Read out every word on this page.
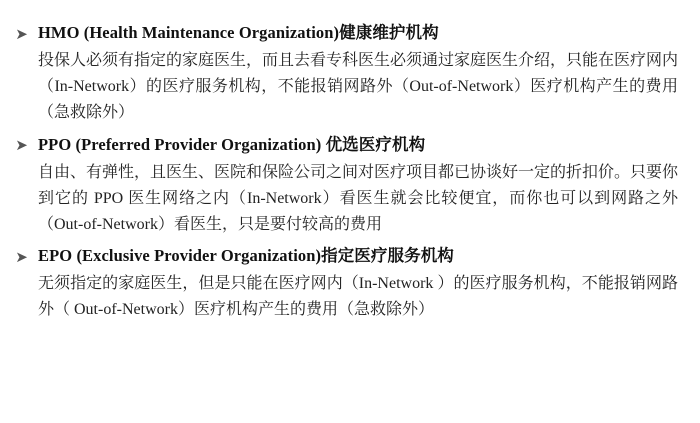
➤ HMO (Health Maintenance Organization)健康维护机构
投保人必须有指定的家庭医生，而且去看专科医生必须通过家庭医生介绍，只能在医疗网内（In-Network）的医疗服务机构，不能报销网路外（Out-of-Network）医疗机构产生的费用（急救除外）
➤ PPO (Preferred Provider Organization) 优选医疗机构
自由、有弹性，且医生、医院和保险公司之间对医疗项目都已协谈好一定的折扣价。只要你到它的 PPO 医生网络之内（In-Network）看医生就会比较便宜，而你也可以到网路之外（Out-of-Network）看医生，只是要付较高的费用
➤ EPO (Exclusive Provider Organization)指定医疗服务机构
无须指定的家庭医生，但是只能在医疗网内（In-Network ）的医疗服务机构，不能报销网路外（ Out-of-Network）医疗机构产生的费用（急救除外）
